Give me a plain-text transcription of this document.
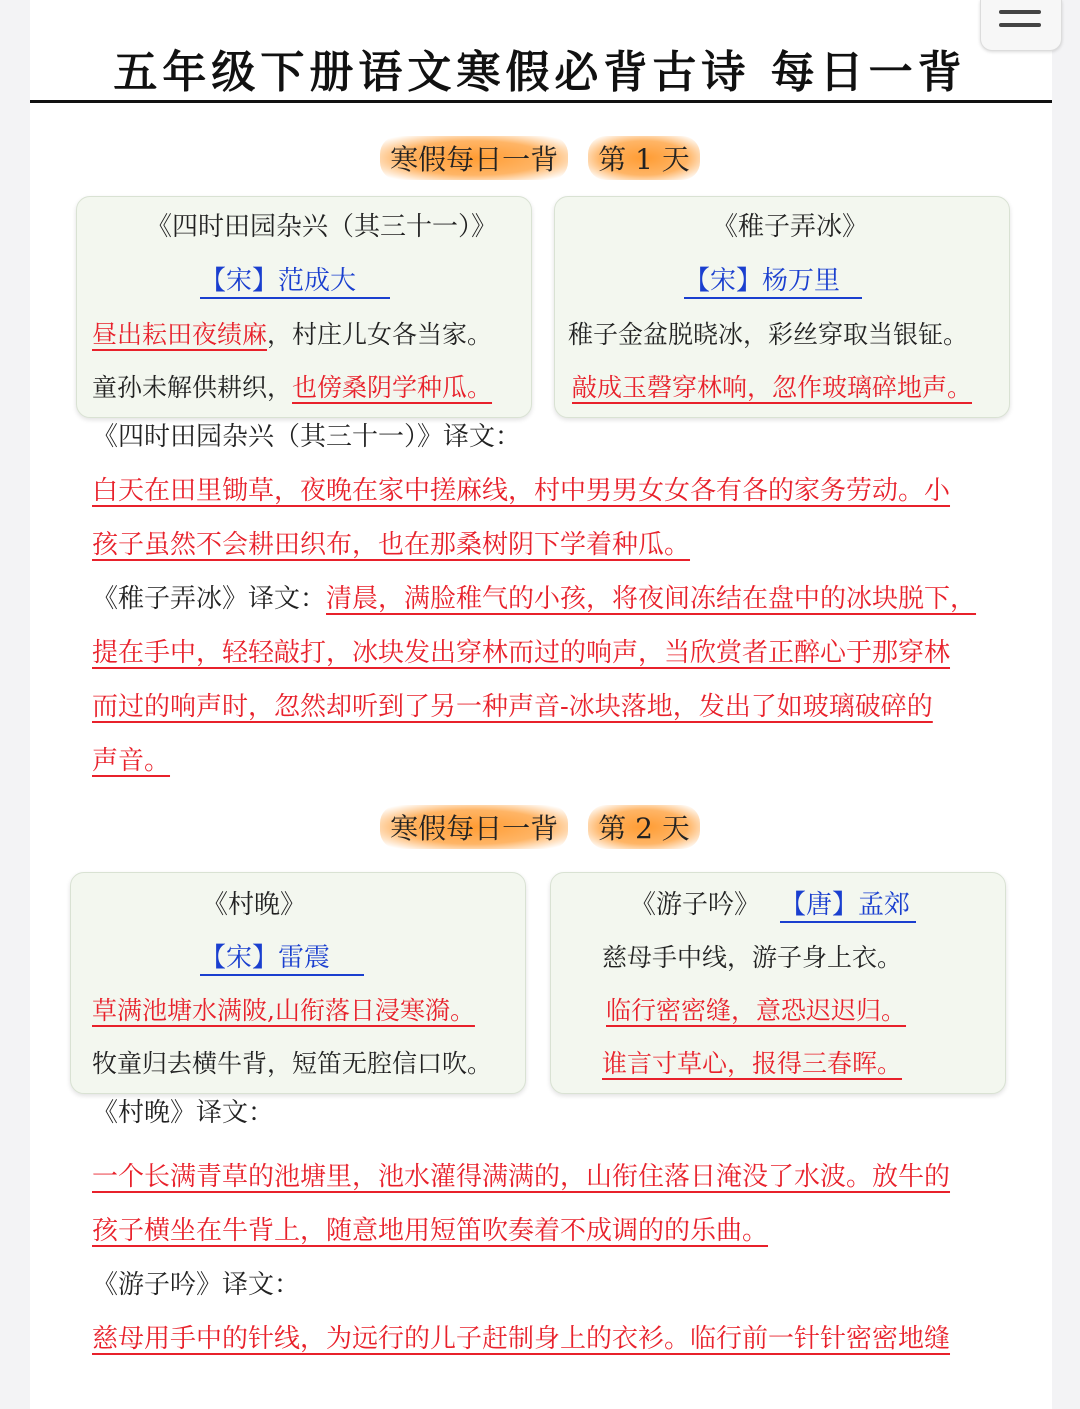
五年级下册语文寒假必背古诗 每日一背
寒假每日一背 第 1 天
《四时田园杂兴（其三十一）》
【宋】范成大
昼出耘田夜绩麻，村庄儿女各当家。
童孙未解供耕织，也傍桑阴学种瓜。
《稚子弄冰》
【宋】杨万里
稚子金盆脱晓冰，彩丝穿取当银钲。
敲成玉磬穿林响，忽作玻璃碎地声。
《四时田园杂兴（其三十一）》译文：
白天在田里锄草，夜晚在家中搓麻线，村中男男女女各有各的家务劳动。小
孩子虽然不会耕田织布，也在那桑树阴下学着种瓜。
《稚子弄冰》译文：清晨，满脸稚气的小孩，将夜间冻结在盘中的冰块脱下，
提在手中，轻轻敲打，冰块发出穿林而过的响声，当欣赏者正醉心于那穿林
而过的响声时，忽然却听到了另一种声音-冰块落地，发出了如玻璃破碎的
声音。
寒假每日一背 第 2 天
《村晚》
【宋】雷震
草满池塘水满陂,山衔落日浸寒漪。
牧童归去横牛背，短笛无腔信口吹。
《游子吟》 【唐】孟郊
慈母手中线，游子身上衣。
临行密密缝，意恐迟迟归。
谁言寸草心，报得三春晖。
《村晚》译文：
一个长满青草的池塘里，池水灌得满满的，山衔住落日淹没了水波。放牛的
孩子横坐在牛背上，随意地用短笛吹奏着不成调的的乐曲。
《游子吟》译文：
慈母用手中的针线，为远行的儿子赶制身上的衣衫。临行前一针针密密地缝
